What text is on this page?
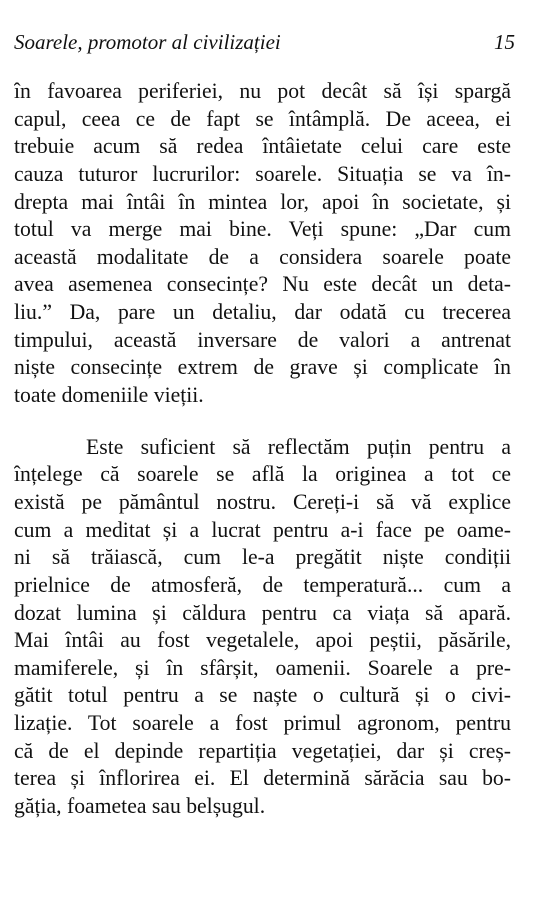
Soarele, promotor al civilizației	15
în favoarea periferiei, nu pot decât să își spargă
capul, ceea ce de fapt se întâmplă. De aceea, ei
trebuie acum să redea întâietate celui care este
cauza tuturor lucrurilor: soarele. Situația se va în-
drepta mai întâi în mintea lor, apoi în societate, și
totul va merge mai bine. Veți spune: „Dar cum
această modalitate de a considera soarele poate
avea asemenea consecințe? Nu este decât un deta-
liu.” Da, pare un detaliu, dar odată cu trecerea
timpului, această inversare de valori a antrenat
niște consecințe extrem de grave și complicate în
toate domeniile vieții.
Este suficient să reflectăm puțin pentru a
înțelege că soarele se află la originea a tot ce
există pe pământul nostru. Cereți-i să vă explice
cum a meditat și a lucrat pentru a-i face pe oame-
ni să trăiască, cum le-a pregătit niște condiții
prielnice de atmosferă, de temperatură... cum a
dozat lumina și căldura pentru ca viața să apară.
Mai întâi au fost vegetalele, apoi peștii, păsările,
mamiferele, și în sfârșit, oamenii. Soarele a pre-
gătit totul pentru a se naște o cultură și o civi-
lizație. Tot soarele a fost primul agronom, pentru
că de el depinde repartiția vegetației, dar și creș-
terea și înflorirea ei. El determină sărăcia sau bo-
găția, foametea sau belșugul.
